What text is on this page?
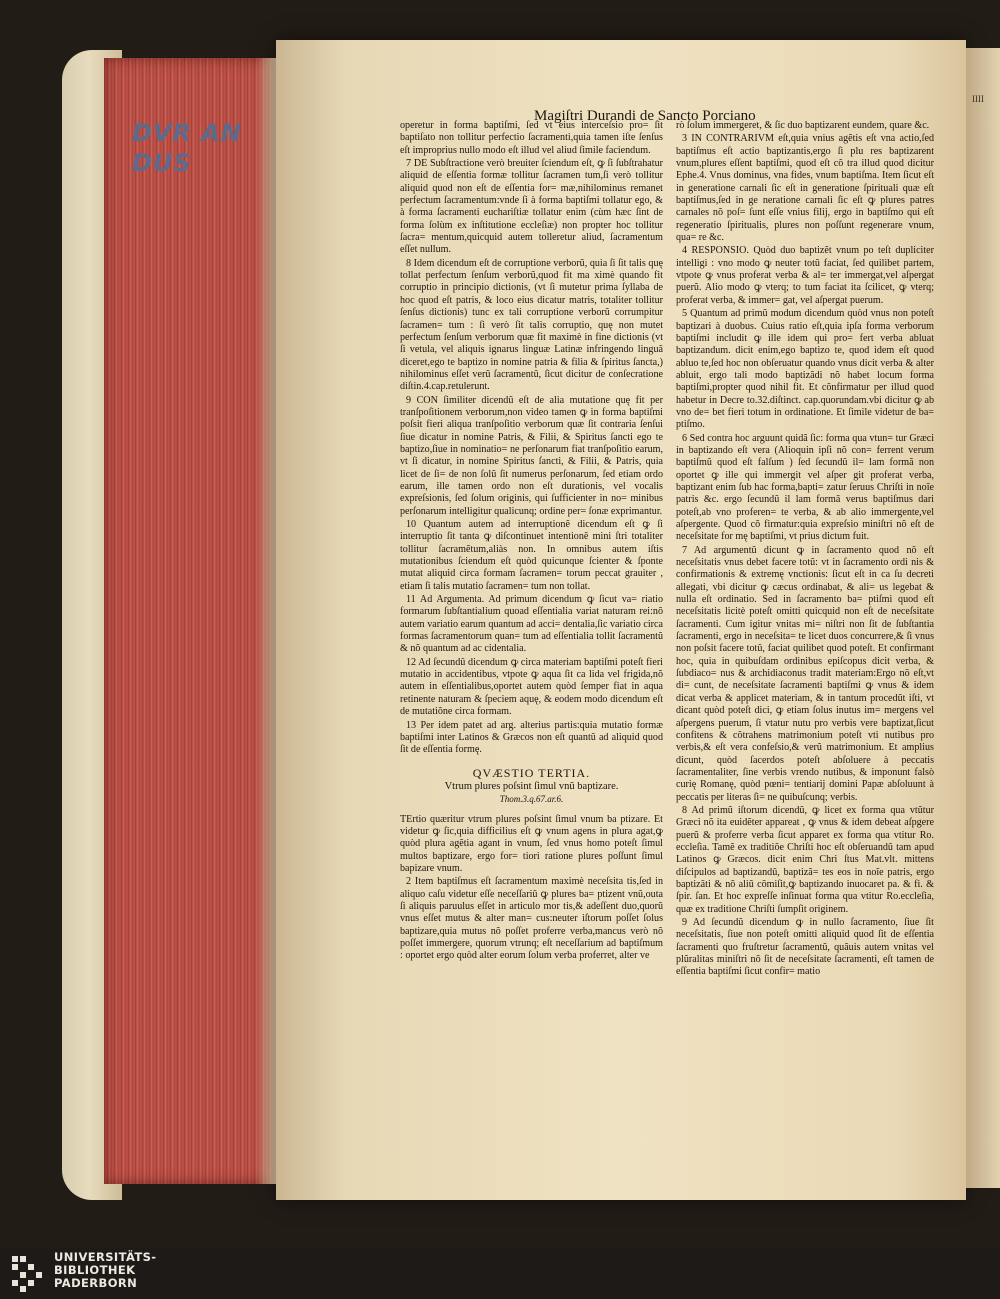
DVR AN
DUS
IIII
Magiſtri Durandi de Sancto Porciano

operetur in forma baptiſmi, ſed vt eius interceſsio pro= ſit baptiſato non tollitur perfectio ſacramenti,quia tamen iſte ſenſus eſt improprius nullo modo eſt illud vel aliud ſimile faciendum.

7 DE Subſtractione verò breuiter ſciendum eſt, ꝙ ſi ſubſtrahatur aliquid de eſſentia formæ tollitur ſacramen tum,ſi verò tollitur aliquid quod non eſt de eſſentia for= mæ,nihilominus remanet perfectum ſacramentum:vnde ſi à forma baptiſmi tollatur ego, & à forma ſacramenti euchariſtiæ tollatur enim (cùm hæc ſint de forma ſolùm ex inſtitutione eccleſiæ) non propter hoc tollitur ſacra= mentum,quicquid autem tolleretur aliud, ſacramentum eſſet nullum.

8 Idem dicendum eſt de corruptione verborũ, quia ſi ſit talis quę tollat perfectum ſenſum verborũ,quod fit ma ximè quando fit corruptio in principio dictionis, (vt ſi mutetur prima ſyllaba de hoc quod eſt patris, & loco eius dicatur matris, totaliter tollitur ſenſus dictionis) tunc ex tali corruptione verborũ corrumpitur ſacramen= tum : ſi verò ſit talis corruptio, quę non mutet perfectum ſenſum verborum quæ fit maximè in fine dictionis (vt ſi vetula, vel aliquis ignarus linguæ Latinæ infringendo linguã diceret,ego te baptizo in nomine patria & filia & ſpiritus ſancta,) nihilominus eſſet verũ ſacramentũ, ſicut dicitur de conſecratione diſtin.4.cap.retulerunt.

9 CON ſimiliter dicendũ eſt de alia mutatione quę fit per tranſpoſitionem verborum,non video tamen ꝙ in forma baptiſmi poſsit fieri aliqua tranſpoſitio verborum quæ ſit contraria ſenſui ſiue dicatur in nomine Patris, & Filii, & Spiritus ſancti ego te baptizo,ſiue in nominatio= ne perſonarum fiat tranſpoſitio earum, vt ſi dicatur, in nomine Spiritus ſancti, & Filii, & Patris, quia licet de ſi= de non ſolũ ſit numerus perſonarum, ſed etiam ordo earum, ille tamen ordo non eſt durationis, vel vocalis expreſsionis, ſed ſolum originis, qui ſufficienter in no= minibus perſonarum intelligitur qualicunq; ordine per= ſonæ exprimantur.

10 Quantum autem ad interruptionẽ dicendum eſt ꝙ ſi interruptio ſit tanta ꝙ diſcontinuet intentionẽ mini ſtri totaliter tollitur ſacramẽtum,aliàs non. In omnibus autem iſtis mutationibus ſciendum eſt quòd quicunque ſcienter & ſponte mutat aliquid circa formam ſacramen= torum peccat grauiter , etiam ſi talis mutatio ſacramen= tum non tollat.

11 Ad Argumenta. Ad primum dicendum ꝙ ſicut va= riatio formarum ſubſtantialium quoad eſſentialia variat naturam rei:nõ autem variatio earum quantum ad acci= dentalia,ſic variatio circa formas ſacramentorum quan= tum ad eſſentialia tollit ſacramentũ & nõ quantum ad ac cidentalia.

12 Ad ſecundũ dicendum ꝙ circa materiam baptiſmi poteſt fieri mutatio in accidentibus, vtpote ꝙ aqua ſit ca lida vel frigida,nõ autem in eſſentialibus,oportet autem quòd ſemper fiat in aqua retinente naturam & ſpeciem aquę, & eodem modo dicendum eſt de mutatiõne circa formam.

13 Per idem patet ad arg. alterius partis:quia mutatio formæ baptiſmi inter Latinos & Græcos non eſt quantũ ad aliquid quod ſit de eſſentia formę.

QVÆSTIO TERTIA.
Vtrum plures poſsint ſimul vnũ baptizare.
Thom.3.q.67.ar.6.

TErtio quæritur vtrum plures poſsint ſimul vnum ba ptizare. Et videtur ꝙ ſic,quia difficilius eſt ꝙ vnum agens in plura agat,ꝙ quòd plura agẽtia agant in vnum, ſed vnus homo poteſt ſimul multos baptizare, ergo for= tiori ratione plures poſſunt ſimul bapizare vnum.

2 Item baptiſmus eſt ſacramentum maximè neceſsita tis,ſed in aliquo caſu videtur eſſe neceſſariũ ꝙ plures ba= ptizent vnũ,outa ſi aliquis paruulus eſſet in articulo mor tis,& adeſſent duo,quorũ vnus eſſet mutus & alter man= cus:neuter iſtorum poſſet ſolus baptizare,quia mutus nõ poſſet proferre verba,mancus verò nõ poſſet immergere, quorum vtrunq; eſt neceſſarium ad baptiſmum : oportet ergo quòd alter eorum ſolum verba proferret, alter ve

rò ſolum immergeret, & ſic duo baptizarent eundem, quare &c.

3 IN CONTRARIVM eſt,quia vnius agẽtis eſt vna actio,ſed baptiſmus eſt actio baptizantis,ergo ſi plu res baptizarent vnum,plures eſſent baptiſmi, quod eſt cõ tra illud quod dicitur Ephe.4. Vnus dominus, vna fides, vnum baptiſma. Item ſicut eſt in generatione carnali ſic eſt in generatione ſpirituali quæ eſt baptiſmus,ſed in ge neratione carnali ſic eſt ꝙ plures patres carnales nõ poſ= ſunt eſſe vnius filij, ergo in baptiſmo qui eſt regeneratio ſpiritualis, plures non poſſunt regenerare vnum, qua= re &c.

4 RESPONSIO. Quòd duo baptizẽt vnum po teſt dupliciter intelligi : vno modo ꝙ neuter totũ faciat, ſed quilibet partem, vtpote ꝙ vnus proferat verba & al= ter immergat,vel aſpergat puerũ. Alio modo ꝙ vterq; to tum faciat ita ſcilicet, ꝙ vterq; proferat verba, & immer= gat, vel aſpergat puerum.

5 Quantum ad primũ modum dicendum quòd vnus non poteſt baptizari à duobus. Cuius ratio eſt,quia ipſa forma verborum baptiſmi includit ꝙ ille idem qui pro= fert verba abluat baptizandum. dicit enim,ego baptizo te, quod idem eſt quod abluo te,ſed hoc non obſeruatur quando vnus dicit verba & alter abluit, ergo tali modo baptizãdi nõ habet locum forma baptiſmi,propter quod nihil fit. Et cõnfirmatur per illud quod habetur in Decre to.32.diſtinct. cap.quorundam.vbi dicitur ꝙ ab vno de= bet fieri totum in ordinatione. Et ſimile videtur de ba= ptiſmo.

6 Sed contra hoc arguunt quidã ſic: forma qua vtun= tur Græci in baptizando eſt vera (Alioquin ipſi nõ con= ferrent verum baptiſmũ quod eſt falſum ) ſed ſecundũ il= lam formã non oportet ꝙ ille qui immergit vel aſper git proferat verba, baptizant enim ſub hac forma,bapti= zatur ſeruus Chriſti in noĩe patris &c. ergo ſecundũ il lam formã verus baptiſmus dari poteſt,ab vno proferen= te verba, & ab alio immergente,vel aſpergente. Quod cõ firmatur:quia expreſsio miniſtri nõ eſt de neceſsitate for mę baptiſmi, vt prius dictum fuit.

7 Ad argumentũ dicunt ꝙ in ſacramento quod nõ eſt neceſsitatis vnus debet facere totũ: vt in ſacramento ordi nis & confirmationis & extremę vnctionis: ſicut eſt in ca ſu decreti allegati, vbi dicitur ꝙ cæcus ordinabat, & ali= us legebat & nulla eſt ordinatio. Sed in ſacramento ba= ptiſmi quod eſt neceſsitatis licitè poteſt omitti quicquid non eſt de neceſsitate ſacramenti. Cum igitur vnitas mi= niſtri non ſit de ſubſtantia ſacramenti, ergo in neceſsita= te licet duos concurrere,& ſi vnus non poſsit facere totũ, faciat quilibet quod poteſt. Et confirmant hoc, quia in quibuſdam ordinibus epiſcopus dicit verba, & ſubdiaco= nus & archidiaconus tradit materiam:Ergo nõ eſt,vt di= cunt, de neceſsitate ſacramenti baptiſmi ꝙ vnus & idem dicat verba & applicet materiam, & in tantum procedũt iſti, vt dicant quòd poteſt dici, ꝙ etiam ſolus inutus im= mergens vel aſpergens puerum, ſi vtatur nutu pro verbis vere baptizat,ſicut confitens & cõtrahens matrimonium poteſt vti nutibus pro verbis,& eſt vera confeſsio,& verũ matrimonium. Et amplius dicunt, quòd ſacerdos poteſt abſoluere à peccatis ſacramentaliter, ſine verbis vrendo nutibus, & imponunt falsò curię Romanę, quòd pœni= tentiarij domini Papæ abſoluunt à peccatis per literas ſi= ne quibuſcunq; verbis.

8 Ad primũ iſtorum dicendũ, ꝙ licet ex forma qua vtũtur Græci nõ ita euidẽter appareat , ꝙ vnus & idem debeat aſpgere puerũ & proferre verba ſicut apparet ex forma qua vtitur Ro. eccleſia. Tamẽ ex traditiõe Chriſti hoc eſt obſeruandũ tam apud Latinos ꝙ Græcos. dicit enim Chri ſtus Mat.vlt. mittens diſcipulos ad baptizandũ, baptizã= tes eos in noĩe patris, ergo baptizãti & nõ aliũ cõmiſit,ꝙ baptizando inuocaret pa. & fi. & ſpir. ſan. Et hoc expreſſe inſinuat forma qua vtitur Ro.eccleſia, quæ ex traditione Chriſti ſumpſit originem.

9 Ad ſecundũ dicendum ꝙ in nullo ſacramento, ſiue ſit neceſsitatis, ſiue non poteſt omitti aliquid quod ſit de eſſentia ſacramenti quo fruſtretur ſacramentũ, quãuis autem vnitas vel plũralitas miniſtri nõ ſit de neceſsitate ſacramenti, eſt tamen de eſſentia baptiſmi ſicut confir= matio

UNIVERSITÄTS-
BIBLIOTHEK
PADERBORN
